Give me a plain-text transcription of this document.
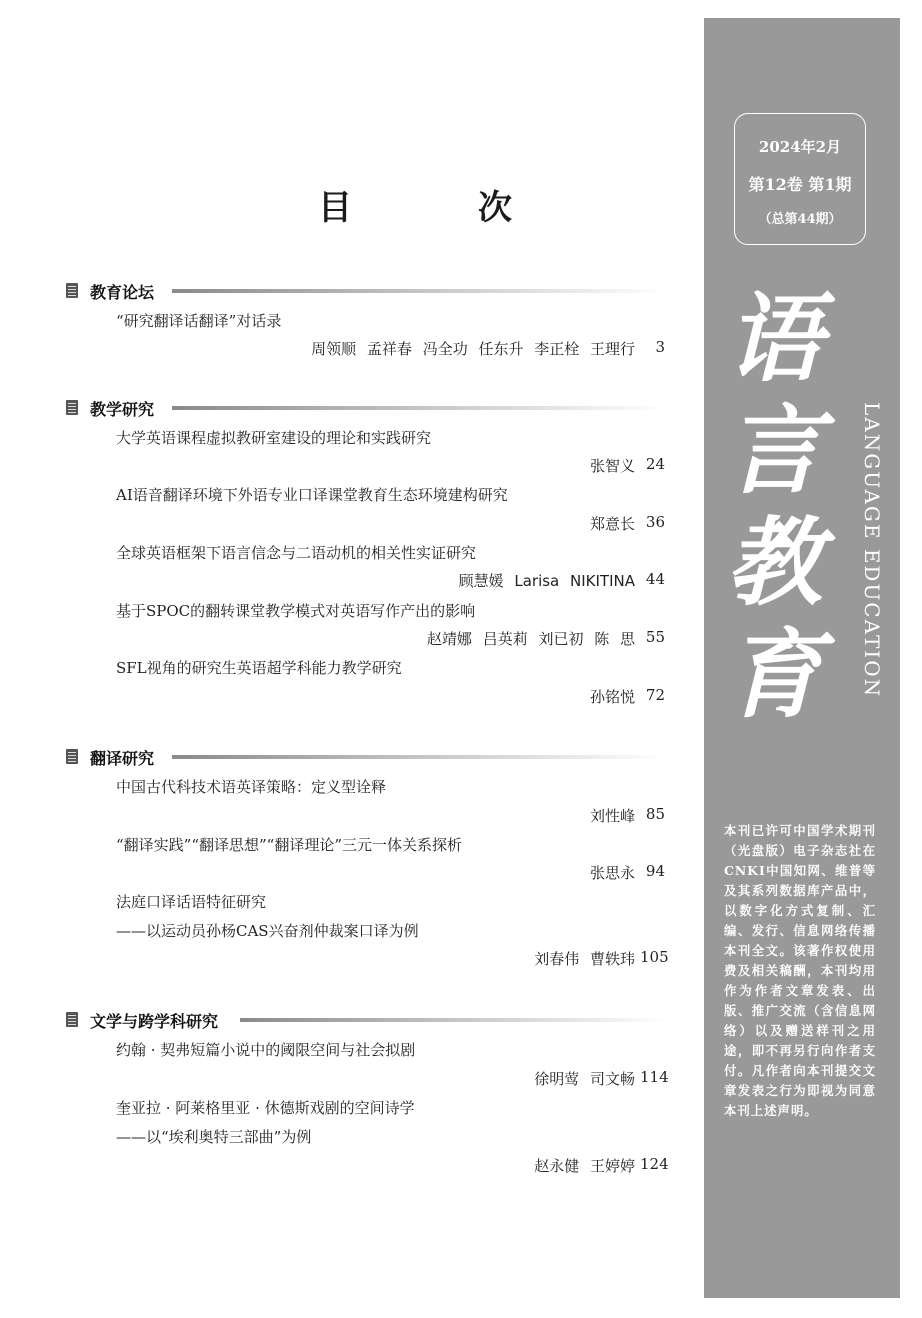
目　次
教育论坛
“研究翻译话翻译”对话录
周领顺 孟祥春 冯全功 任东升 李正栓 王理行	3
教学研究
大学英语课程虚拟教研室建设的理论和实践研究
张智义 24
AI语音翻译环境下外语专业口译课堂教育生态环境建构研究
郑意长 36
全球英语框架下语言信念与二语动机的相关性实证研究
顾慧媛 Larisa NIKITINA 44
基于SPOC的翻转课堂教学模式对英语写作产出的影响
赵靖娜 吕英莉 刘已初 陈 思 55
SFL视角的研究生英语超学科能力教学研究
孙铭悦 72
翻译研究
中国古代科技术语英译策略：定义型诠释
刘性峰 85
“翻译实践”“翻译思想”“翻译理论”三元一体关系探析
张思永 94
法庭口译话语特征研究
——以运动员孙杨CAS兴奋剂仲裁案口译为例
刘春伟 曹轶玮 105
文学与跨学科研究
约翰 · 契弗短篇小说中的阈限空间与社会拟剧
徐明莺 司文畅 114
奎亚拉 · 阿莱格里亚 · 休德斯戏剧的空间诗学
——以“埃利奥特三部曲”为例
赵永健 王婷婷 124
2024年2月
第12卷 第1期
（总第44期）
语
言
教
育	LANGUAGE EDUCATION
本刊已许可中国学术期刊（光盘版）电子杂志社在CNKI中国知网、维普等及其系列数据库产品中，以数字化方式复制、汇编、发行、信息网络传播本刊全文。该著作权使用费及相关稿酬，本刊均用作为作者文章发表、出版、推广交流（含信息网络）以及赠送样刊之用途，即不再另行向作者支付。凡作者向本刊提交文章发表之行为即视为同意本刊上述声明。
